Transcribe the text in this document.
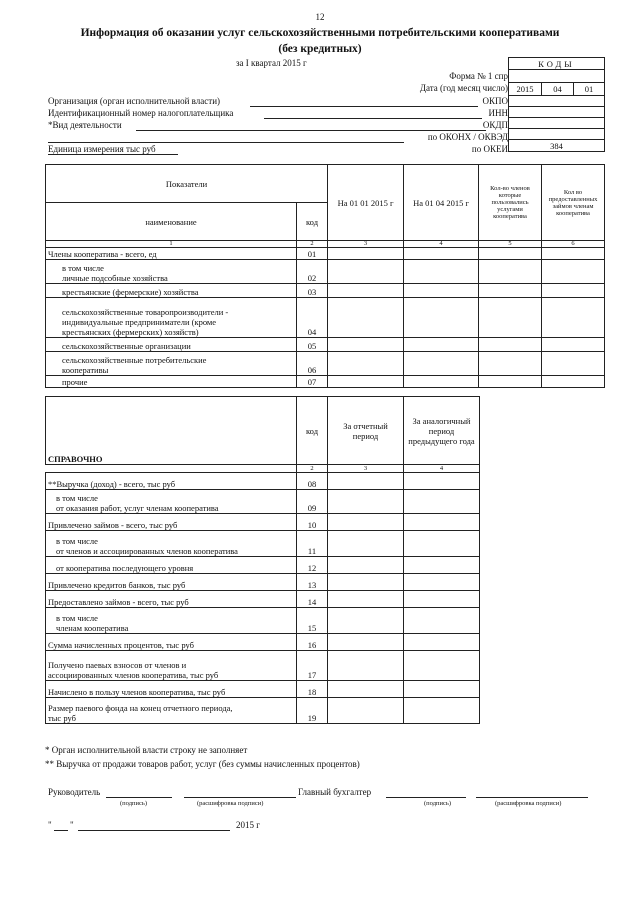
12
Информация об оказании услуг сельскохозяйственными потребительскими кооперативами
(без кредитных)
за I квартал 2015 г	КОДЫ

2015	04	01

384
Форма № 1 спр
Дата (год месяц число)
Организация (орган исполнительной власти)	ОКПО
Идентификационный номер налогоплательщика	ИНН
*Вид деятельности	ОКДП
по ОКОНХ / ОКВЭД
Единица измерения тыс руб	по ОКЕИ
Показатели		На 01 01 2015 г	На 01 04 2015 г	Кол-во членов которые пользовались услугами кооператива	Кол во предоставленных займов членам кооператива
наименование	код				
1	2	3	4	5	6
Члены кооператива - всего, ед	01				

в том числе
личные подсобные хозяйства	02				
крестьянские (фермерские) хозяйства	03				

сельскохозяйственные товаропроизводители -
индивидуальные предприниматели (кроме
крестьянских (фермерских) хозяйств)	04				
сельскохозяйственные организации	05				

сельскохозяйственные потребительские
кооперативы	06				
прочие	07				
СПРАВОЧНО	код	За отчетный период	За аналогичный период предыдущего года
	2	3	4
**Выручка (доход) - всего, тыс руб	08		

в том числе
от оказания работ, услуг членам кооператива	09		
Привлечено займов - всего, тыс руб	10		

в том числе
от членов и ассоциированных членов кооператива	11		
от кооператива последующего уровня	12		
Привлечено кредитов банков, тыс руб	13		
Предоставлено займов - всего, тыс руб	14		

в том числе
членам кооператива	15		
Сумма начисленных процентов, тыс руб	16		

Получено паевых взносов от членов и
ассоциированных членов кооператива, тыс руб	17		
Начислено в пользу членов кооператива, тыс руб	18		

Размер паевого фонда на конец отчетного периода,
тыс руб	19		
* Орган исполнительной власти строку не заполняет
** Выручка от продажи товаров работ, услуг (без суммы начисленных процентов)
Руководитель
(подпись)	(расшифровка подписи)
Главный бухгалтер
(подпись)	(расшифровка подписи)
" "	2015 г
